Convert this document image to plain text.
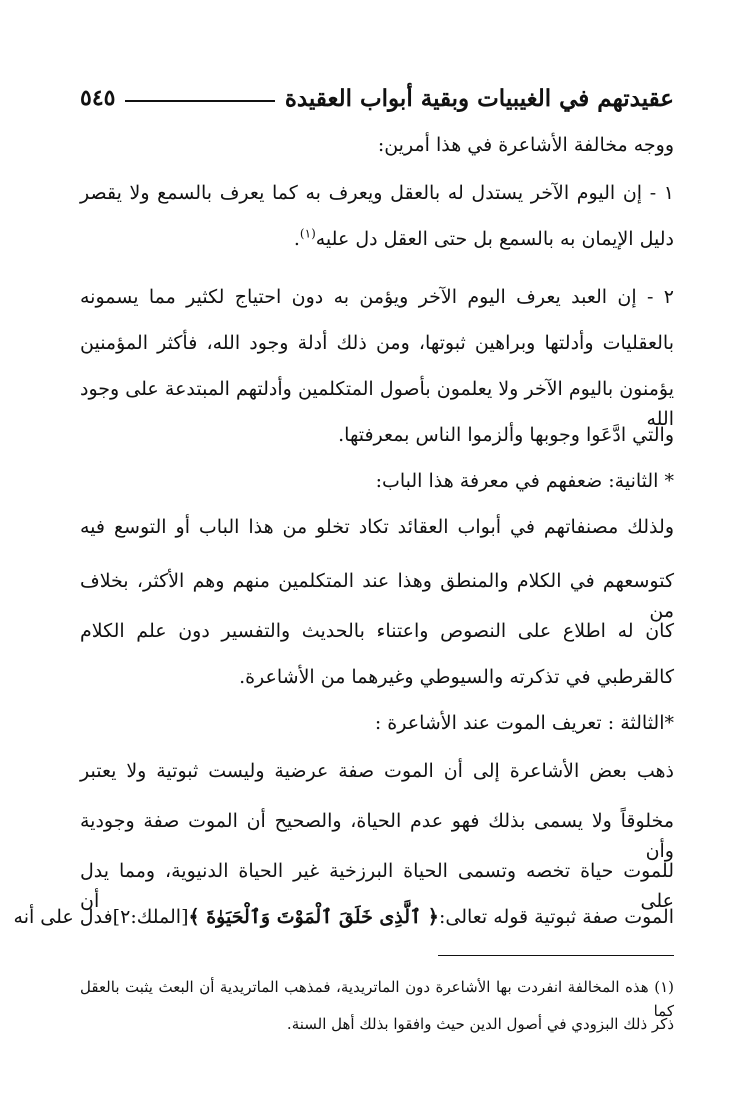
عقيدتهم في الغيبيات وبقية أبواب العقيدة
٥٤٥
ووجه مخالفة الأشاعرة في هذا أمرين:
١ - إن اليوم الآخر يستدل له بالعقل ويعرف به كما يعرف بالسمع ولا يقصر
دليل الإيمان به بالسمع بل حتى العقل دل عليه$^{(١)}$.
٢ - إن العبد يعرف اليوم الآخر ويؤمن به دون احتياج لكثير مما يسمونه
بالعقليات وأدلتها وبراهين ثبوتها، ومن ذلك أدلة وجود الله، فأكثر المؤمنين
يؤمنون باليوم الآخر ولا يعلمون بأصول المتكلمين وأدلتهم المبتدعة على وجود الله
والتي ادَّعَوا وجوبها وألزموا الناس بمعرفتها.
* الثانية: ضعفهم في معرفة هذا الباب:
ولذلك مصنفاتهم في أبواب العقائد تكاد تخلو من هذا الباب أو التوسع فيه
كتوسعهم في الكلام والمنطق وهذا عند المتكلمين منهم وهم الأكثر، بخلاف من
كان له اطلاع على النصوص واعتناء بالحديث والتفسير دون علم الكلام
كالقرطبي في تذكرته والسيوطي وغيرهما من الأشاعرة.
*الثالثة : تعريف الموت عند الأشاعرة :
ذهب بعض الأشاعرة إلى أن الموت صفة عرضية وليست ثبوتية ولا يعتبر
مخلوقاً ولا يسمى بذلك فهو عدم الحياة، والصحيح أن الموت صفة وجودية وأن
للموت حياة تخصه وتسمى الحياة البرزخية غير الحياة الدنيوية، ومما يدل على أن
الموت صفة ثبوتية قوله تعالى:
﴿ ٱلَّذِى خَلَقَ ٱلْمَوْتَ وَٱلْحَيَوٰةَ ﴾
[الملك:٢]
فدل على أنه
(١) هذه المخالفة انفردت بها الأشاعرة دون الماتريدية، فمذهب الماتريدية أن البعث يثبت بالعقل كما
ذكر ذلك البزودي في أصول الدين حيث وافقوا بذلك أهل السنة.
